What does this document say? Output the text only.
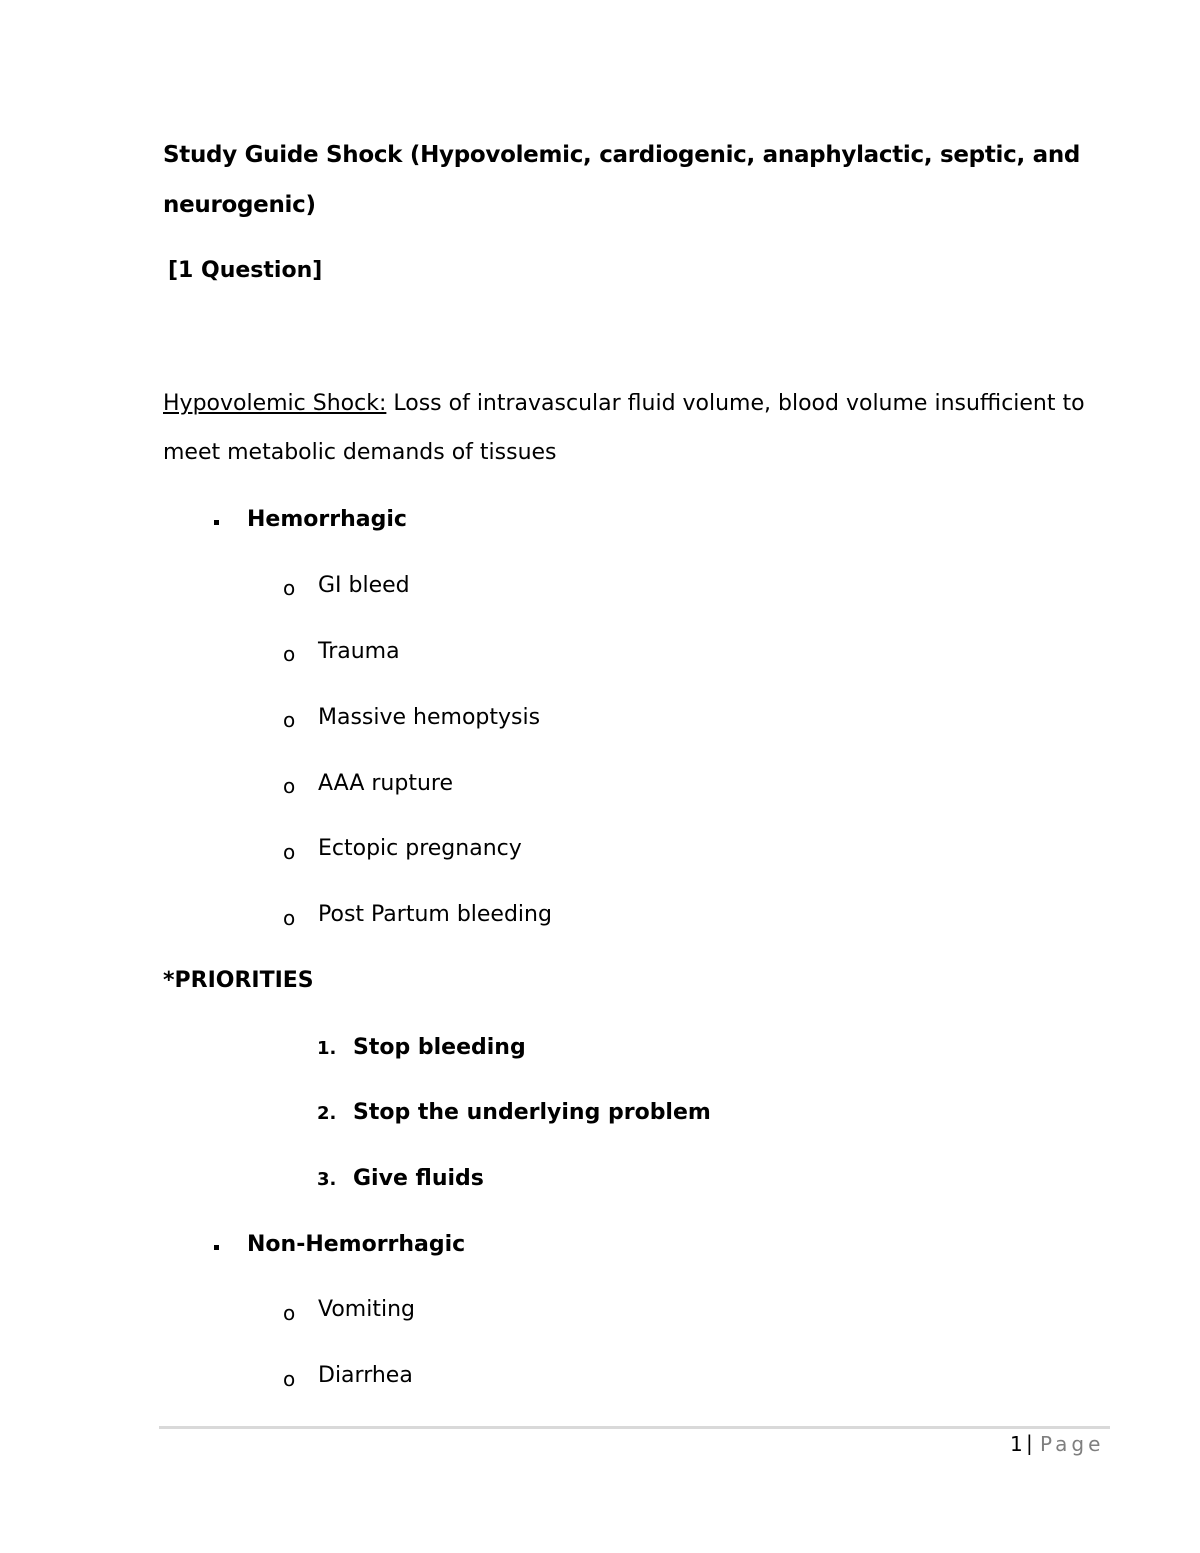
Study Guide Shock (Hypovolemic, cardiogenic, anaphylactic, septic, and
neurogenic)
[1 Question]
Hypovolemic Shock: Loss of intravascular fluid volume, blood volume insufficient to
meet metabolic demands of tissues
Hemorrhagic
o GI bleed
o Trauma
o Massive hemoptysis
o AAA rupture
o Ectopic pregnancy
o Post Partum bleeding
*PRIORITIES
1. Stop bleeding
2. Stop the underlying problem
3. Give fluids
Non-Hemorrhagic
o Vomiting
o Diarrhea
1 | Page
